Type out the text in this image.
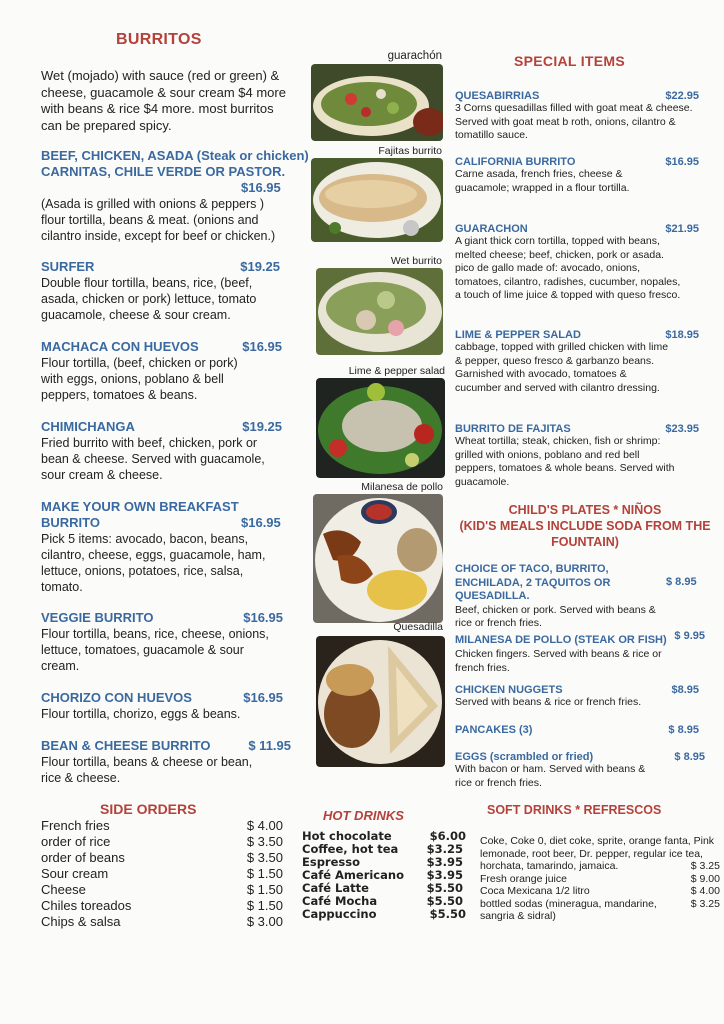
BURRITOS
Wet (mojado) with sauce (red or green) & cheese, guacamole & sour cream $4 more with beans & rice $4 more. most burritos can be prepared spicy.
BEEF, CHICKEN, ASADA (Steak or chicken) CARNITAS, CHILE VERDE OR PASTOR.
$16.95
(Asada is grilled with onions & peppers ) flour tortilla, beans & meat. (onions and cilantro inside, except for beef or chicken.)
SURFER	$19.25
Double flour tortilla, beans, rice, (beef, asada, chicken or pork) lettuce, tomato guacamole, cheese & sour cream.
MACHACA CON HUEVOS	$16.95
Flour tortilla, (beef, chicken or pork) with eggs, onions, poblano & bell peppers, tomatoes & beans.
CHIMICHANGA	$19.25
Fried burrito with beef, chicken, pork or bean & cheese. Served with guacamole, sour cream & cheese.
MAKE YOUR OWN BREAKFAST BURRITO	$16.95
Pick 5 items: avocado, bacon, beans, cilantro, cheese, eggs, guacamole, ham, lettuce, onions, potatoes, rice, salsa, tomato.
VEGGIE BURRITO	$16.95
Flour tortilla, beans, rice, cheese, onions, lettuce, tomatoes, guacamole & sour cream.
CHORIZO CON HUEVOS	$16.95
Flour tortilla, chorizo, eggs & beans.
BEAN & CHEESE BURRITO	$ 11.95
Flour tortilla, beans & cheese or bean, rice & cheese.
SIDE ORDERS
French fries	$ 4.00
order of rice	$ 3.50
order of beans	$ 3.50
Sour cream	$ 1.50
Cheese	$ 1.50
Chiles toreados	$ 1.50
Chips & salsa	$ 3.00
guarachón
Fajitas burrito
Wet burrito
Lime & pepper salad
Milanesa de pollo
Quesadilla
HOT DRINKS
Hot chocolate	$6.00
Coffee, hot tea $3.25
Espresso	$3.95
Café Americano $3.95
Café Latte	$5.50
Café Mocha	$5.50
Cappuccino	$5.50
SPECIAL ITEMS
QUESABIRRIAS	$22.95
3 Corns quesadillas filled with goat meat & cheese. Served with goat meat b roth, onions, cilantro & tomatillo sauce.
CALIFORNIA BURRITO	$16.95
Carne asada, french fries, cheese & guacamole; wrapped in a flour tortilla.
GUARACHON	$21.95
A giant thick corn tortilla, topped with beans, melted cheese; beef, chicken, pork or asada. pico de gallo made of: avocado, onions, tomatoes, cilantro, radishes, cucumber, nopales, a touch of lime juice & topped with queso fresco.
LIME & PEPPER SALAD	$18.95
cabbage, topped with grilled chicken with lime & pepper, queso fresco & garbanzo beans. Garnished with avocado, tomatoes & cucumber and served with cilantro dressing.
BURRITO DE FAJITAS	$23.95
Wheat tortilla; steak, chicken, fish or shrimp: grilled with onions, poblano and red bell peppers, tomatoes & whole beans. Served with guacamole.
CHILD'S PLATES * NIÑOS
(KID'S MEALS INCLUDE SODA FROM THE FOUNTAIN)
CHOICE OF TACO, BURRITO, ENCHILADA, 2 TAQUITOS OR QUESADILLA.
$ 8.95
Beef, chicken or pork. Served with beans & rice or french fries.
MILANESA DE POLLO (STEAK OR FISH) $ 9.95
Chicken fingers. Served with beans & rice or french fries.
CHICKEN NUGGETS	$8.95
Served with beans & rice or french fries.
PANCAKES (3)	$ 8.95
EGGS (scrambled or fried)	$ 8.95
With bacon or ham. Served with beans & rice or french fries.
SOFT DRINKS * REFRESCOS
Coke, Coke 0, diet coke, sprite, orange fanta, Pink lemonade, root beer, Dr. pepper, regular ice tea, horchata, tamarindo, jamaica.	$ 3.25
Fresh orange juice	$ 9.00
Coca Mexicana 1/2 litro	$ 4.00
bottled sodas (mineragua, mandarine, sangria & sidral)
$ 3.25
